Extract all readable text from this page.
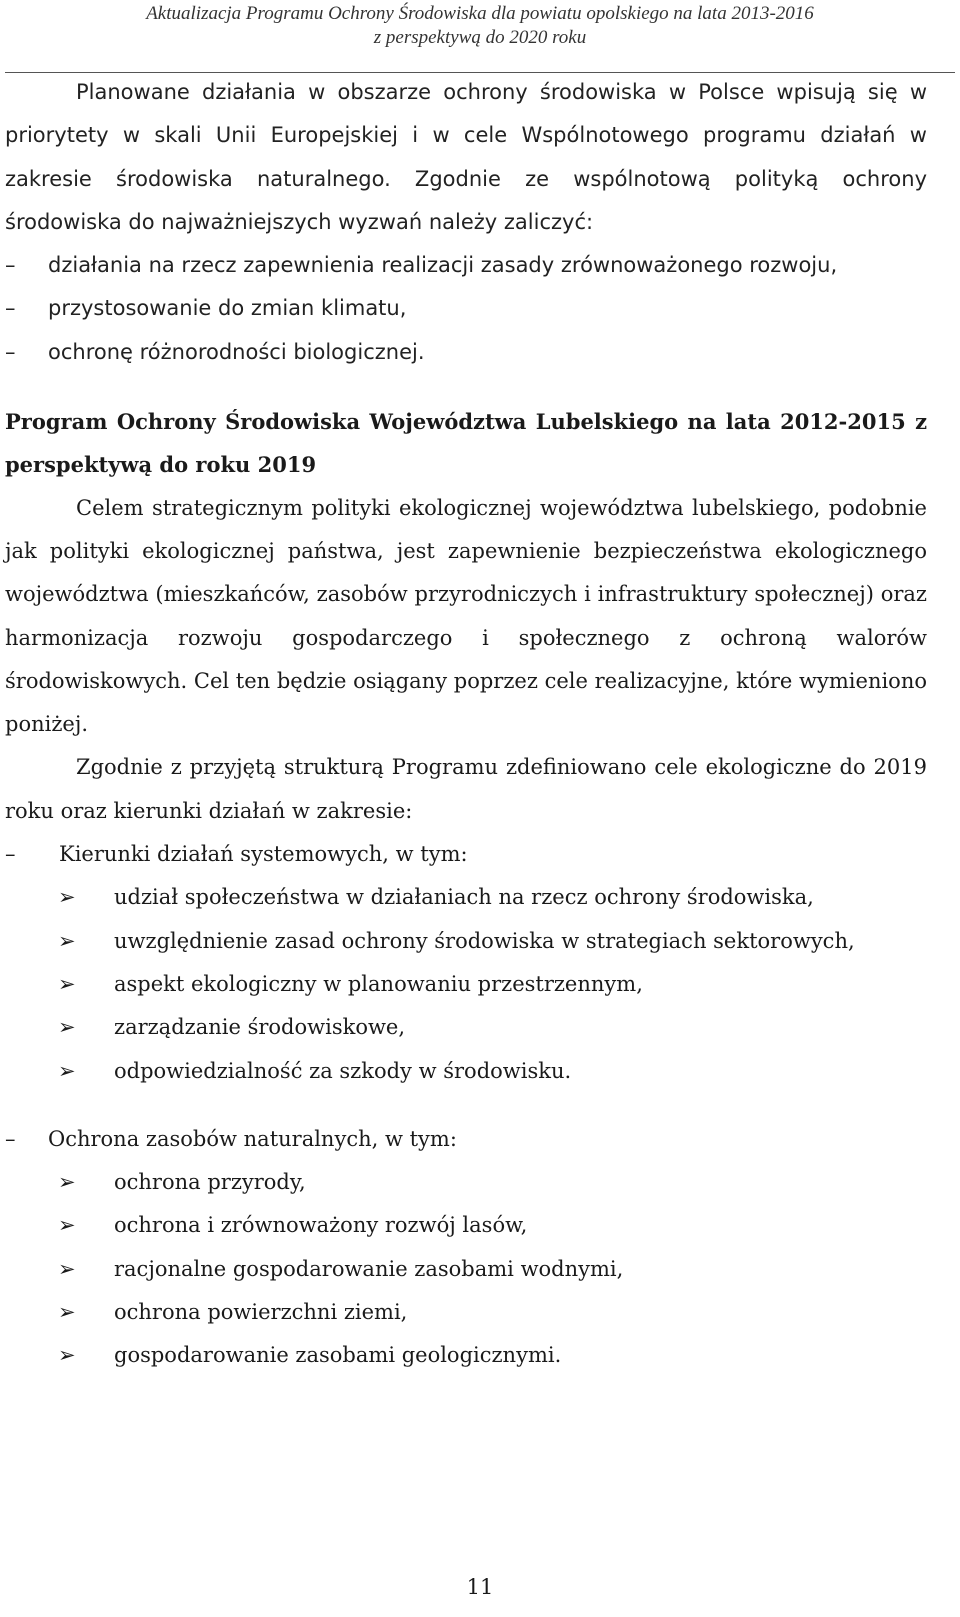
Aktualizacja Programu Ochrony Środowiska dla powiatu opolskiego na lata 2013-2016
z perspektywą do 2020 roku

Planowane działania w obszarze ochrony środowiska w Polsce wpisują się w priorytety w skali Unii Europejskiej i w cele Wspólnotowego programu działań w zakresie środowiska naturalnego. Zgodnie ze wspólnotową polityką ochrony środowiska do najważniejszych wyzwań należy zaliczyć:

– działania na rzecz zapewnienia realizacji zasady zrównoważonego rozwoju,
– przystosowanie do zmian klimatu,
– ochronę różnorodności biologicznej.
Program Ochrony Środowiska Województwa Lubelskiego na lata 2012-2015 z perspektywą do roku 2019

Celem strategicznym polityki ekologicznej województwa lubelskiego, podobnie jak polityki ekologicznej państwa, jest zapewnienie bezpieczeństwa ekologicznego województwa (mieszkańców, zasobów przyrodniczych i infrastruktury społecznej) oraz harmonizacja rozwoju gospodarczego i społecznego z ochroną walorów środowiskowych. Cel ten będzie osiągany poprzez cele realizacyjne, które wymieniono poniżej.

Zgodnie z przyjętą strukturą Programu zdefiniowano cele ekologiczne do 2019 roku oraz kierunki działań w zakresie:

– Kierunki działań systemowych, w tym:
➢ udział społeczeństwa w działaniach na rzecz ochrony środowiska,
➢ uwzględnienie zasad ochrony środowiska w strategiach sektorowych,
➢ aspekt ekologiczny w planowaniu przestrzennym,
➢ zarządzanie środowiskowe,
➢ odpowiedzialność za szkody w środowisku.
– Ochrona zasobów naturalnych, w tym:
➢ ochrona przyrody,
➢ ochrona i zrównoważony rozwój lasów,
➢ racjonalne gospodarowanie zasobami wodnymi,
➢ ochrona powierzchni ziemi,
➢ gospodarowanie zasobami geologicznymi.
11
